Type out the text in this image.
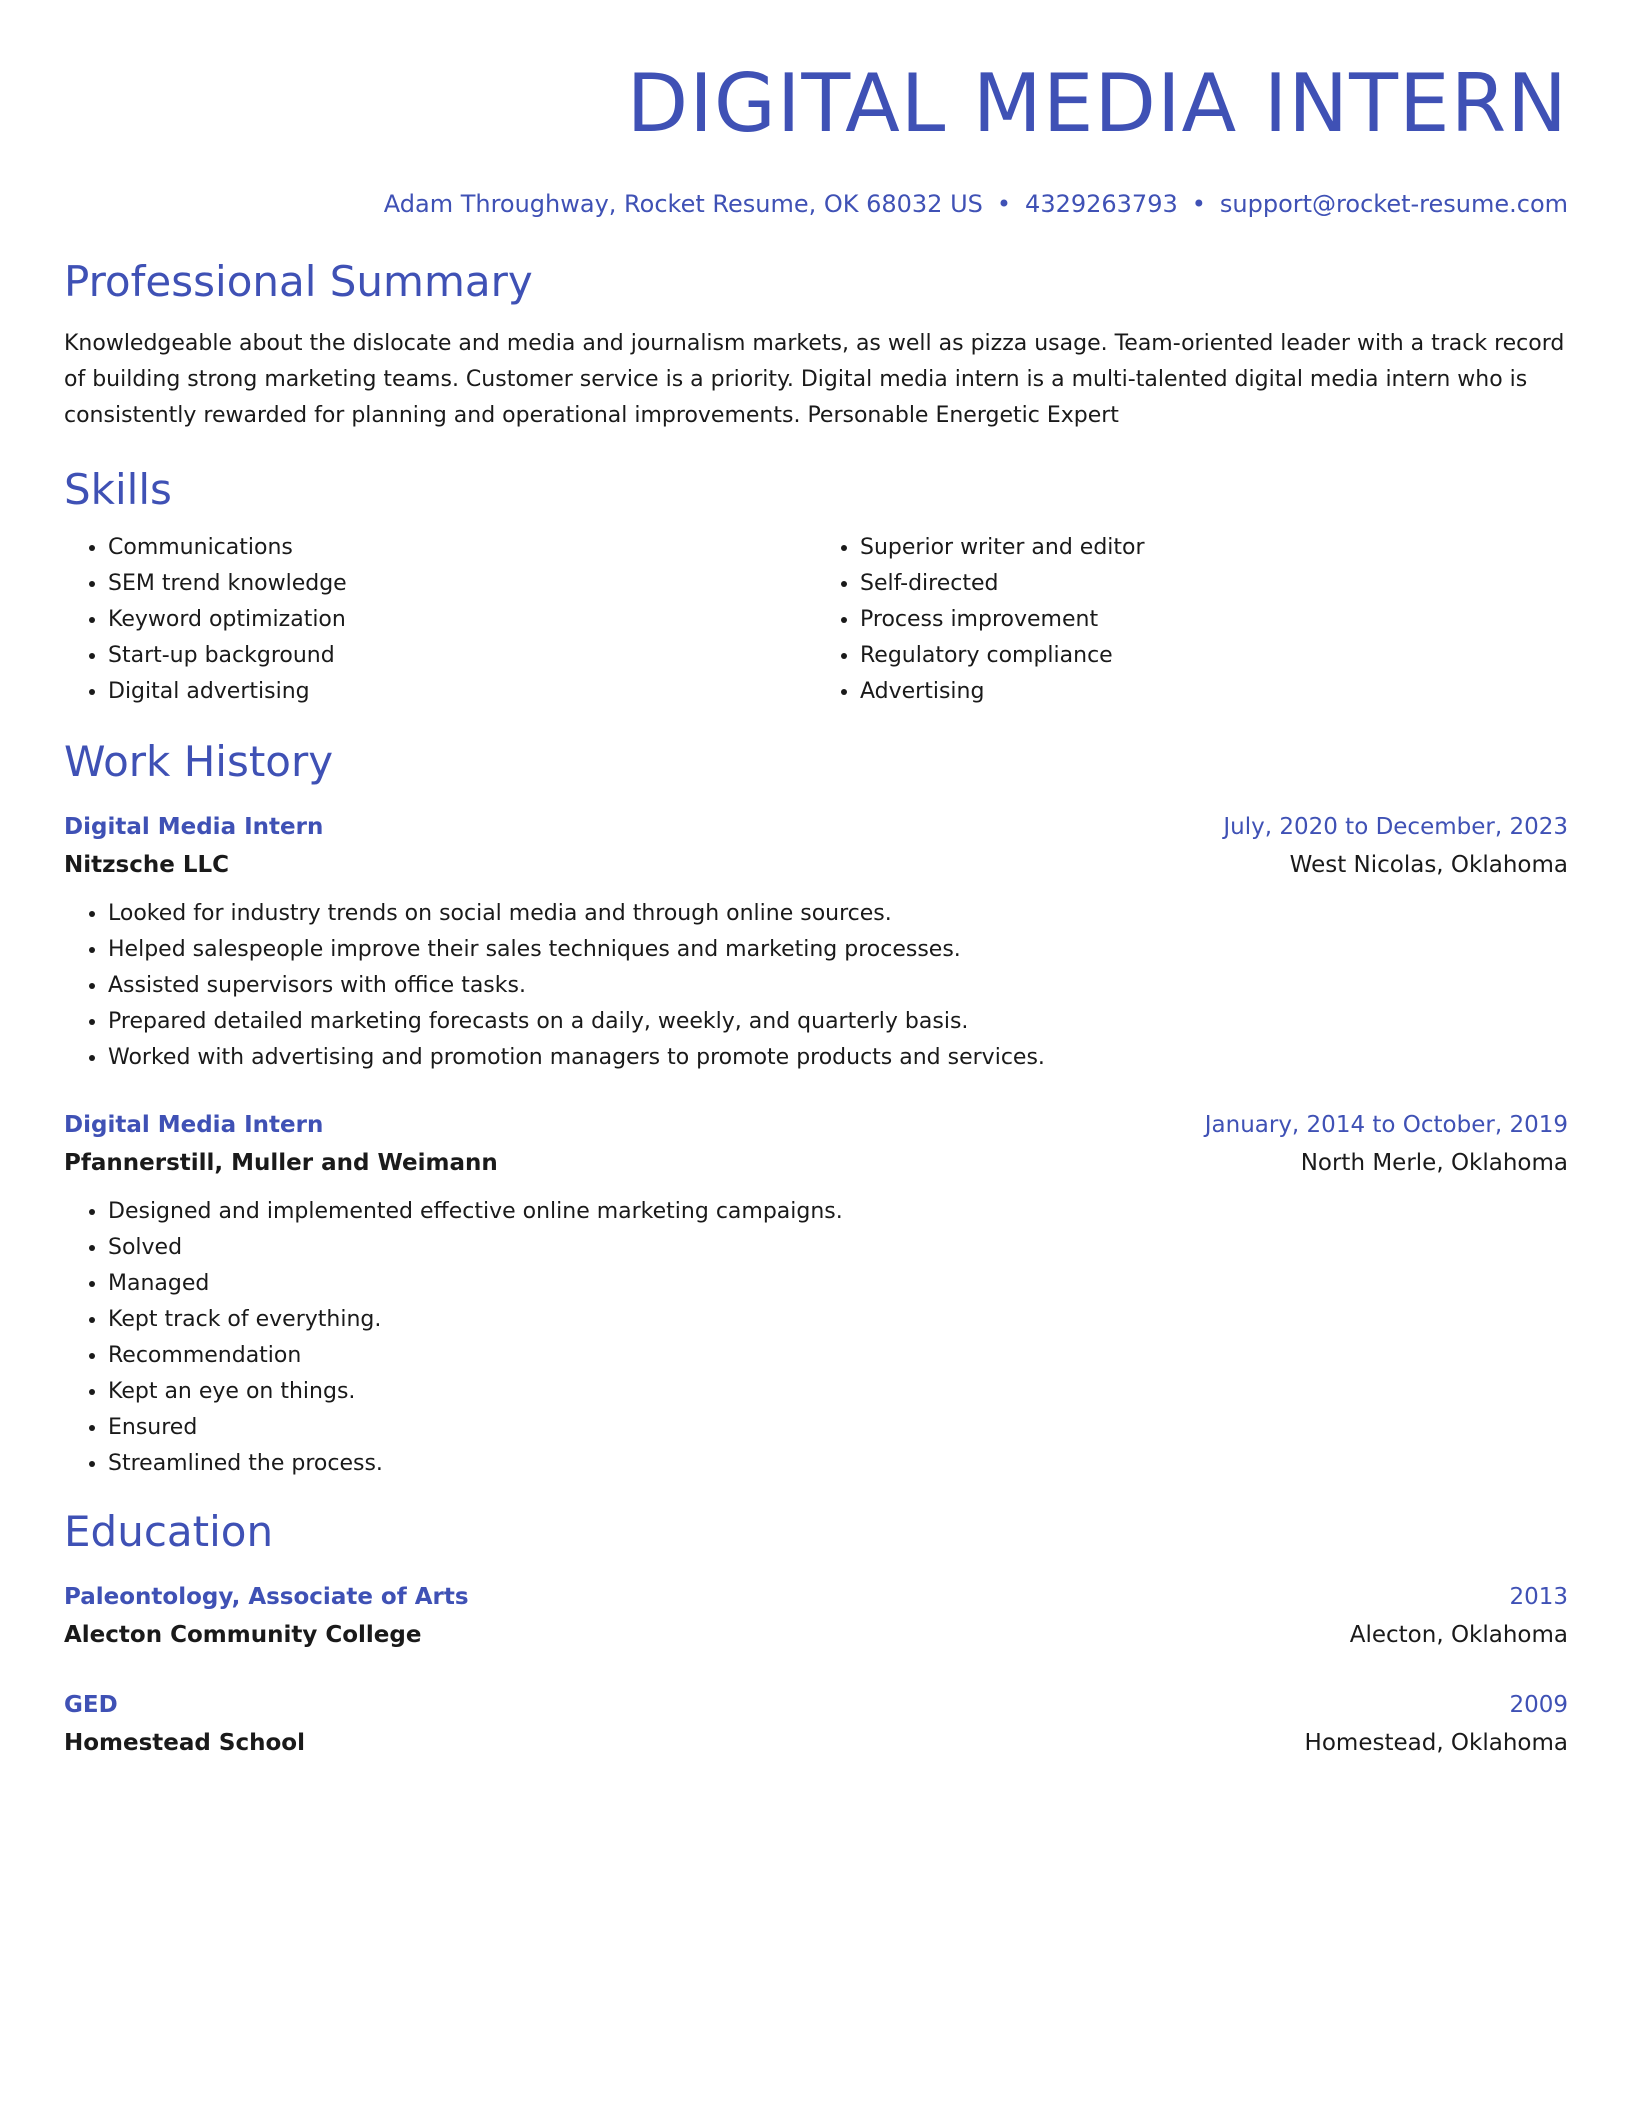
DIGITAL MEDIA INTERN
Adam Throughway, Rocket Resume, OK 68032 US • 4329263793 • support@rocket-resume.com
Professional Summary

Knowledgeable about the dislocate and media and journalism markets, as well as pizza usage. Team-oriented leader with a track record of building strong marketing teams. Customer service is a priority. Digital media intern is a multi-talented digital media intern who is consistently rewarded for planning and operational improvements. Personable Energetic Expert

Skills
• Communications
• SEM trend knowledge
• Keyword optimization
• Start-up background
• Digital advertising
• Superior writer and editor
• Self-directed
• Process improvement
• Regulatory compliance
• Advertising
Work History
Digital Media Intern	July, 2020 to December, 2023
Nitzsche LLC	West Nicolas, Oklahoma
• Looked for industry trends on social media and through online sources.
• Helped salespeople improve their sales techniques and marketing processes.
• Assisted supervisors with office tasks.
• Prepared detailed marketing forecasts on a daily, weekly, and quarterly basis.
• Worked with advertising and promotion managers to promote products and services.
Digital Media Intern	January, 2014 to October, 2019
Pfannerstill, Muller and Weimann	North Merle, Oklahoma
• Designed and implemented effective online marketing campaigns.
• Solved
• Managed
• Kept track of everything.
• Recommendation
• Kept an eye on things.
• Ensured
• Streamlined the process.
Education
Paleontology, Associate of Arts	2013
Alecton Community College	Alecton, Oklahoma
GED	2009
Homestead School	Homestead, Oklahoma
